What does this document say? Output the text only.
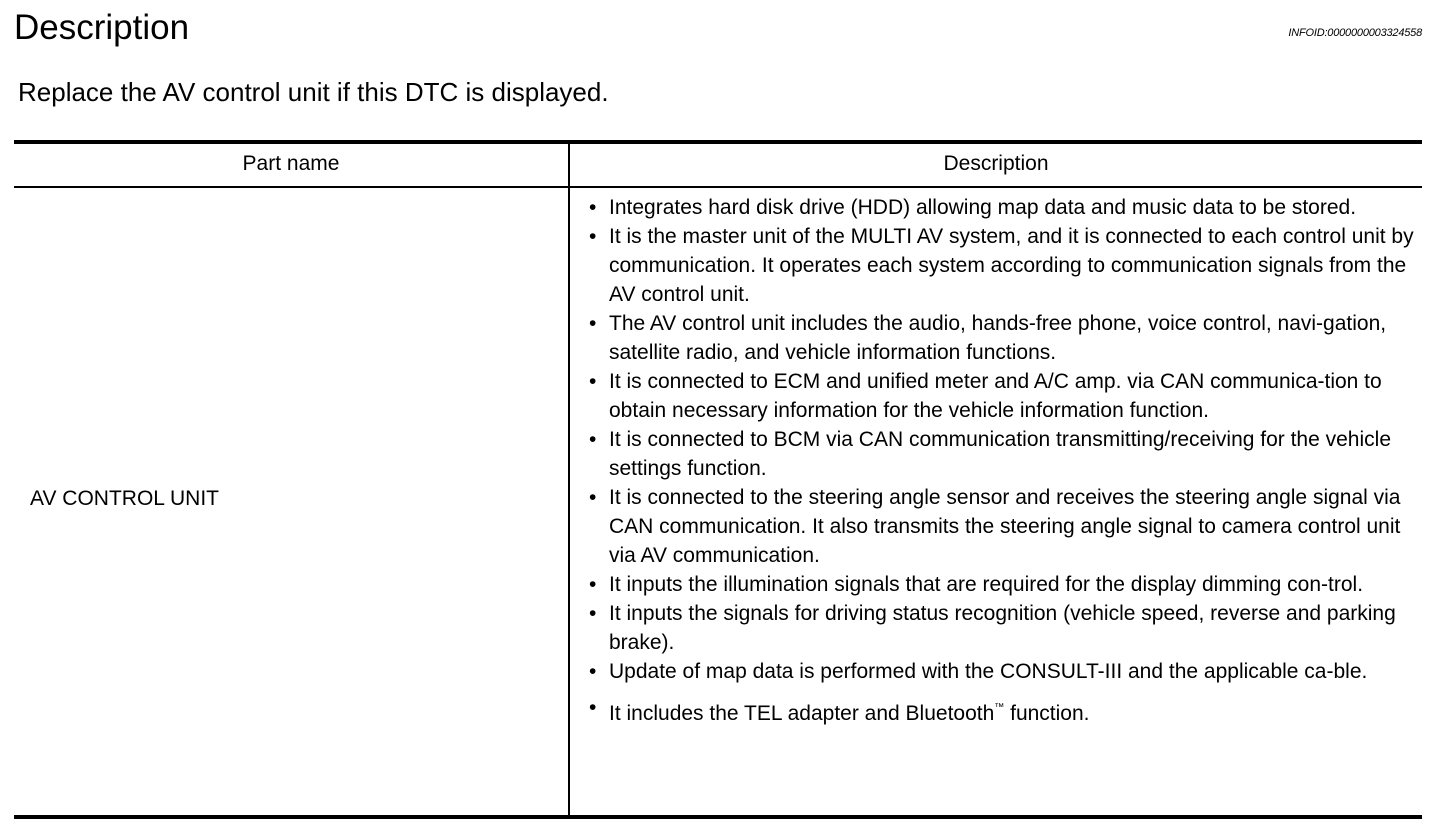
Description	INFOID:0000000003324558

Replace the AV control unit if this DTC is displayed.

Part name	Description
AV CONTROL UNIT
• Integrates hard disk drive (HDD) allowing map data and music data to be stored.
• It is the master unit of the MULTI AV system, and it is connected to each control unit by communication. It operates each system according to communication signals from the AV control unit.
• The AV control unit includes the audio, hands-free phone, voice control, navi-gation, satellite radio, and vehicle information functions.
• It is connected to ECM and unified meter and A/C amp. via CAN communica-tion to obtain necessary information for the vehicle information function.
• It is connected to BCM via CAN communication transmitting/receiving for the vehicle settings function.
• It is connected to the steering angle sensor and receives the steering angle signal via CAN communication. It also transmits the steering angle signal to camera control unit via AV communication.
• It inputs the illumination signals that are required for the display dimming con-trol.
• It inputs the signals for driving status recognition (vehicle speed, reverse and parking brake).
• Update of map data is performed with the CONSULT-III and the applicable ca-ble.
• It includes the TEL adapter and Bluetooth™ function.
